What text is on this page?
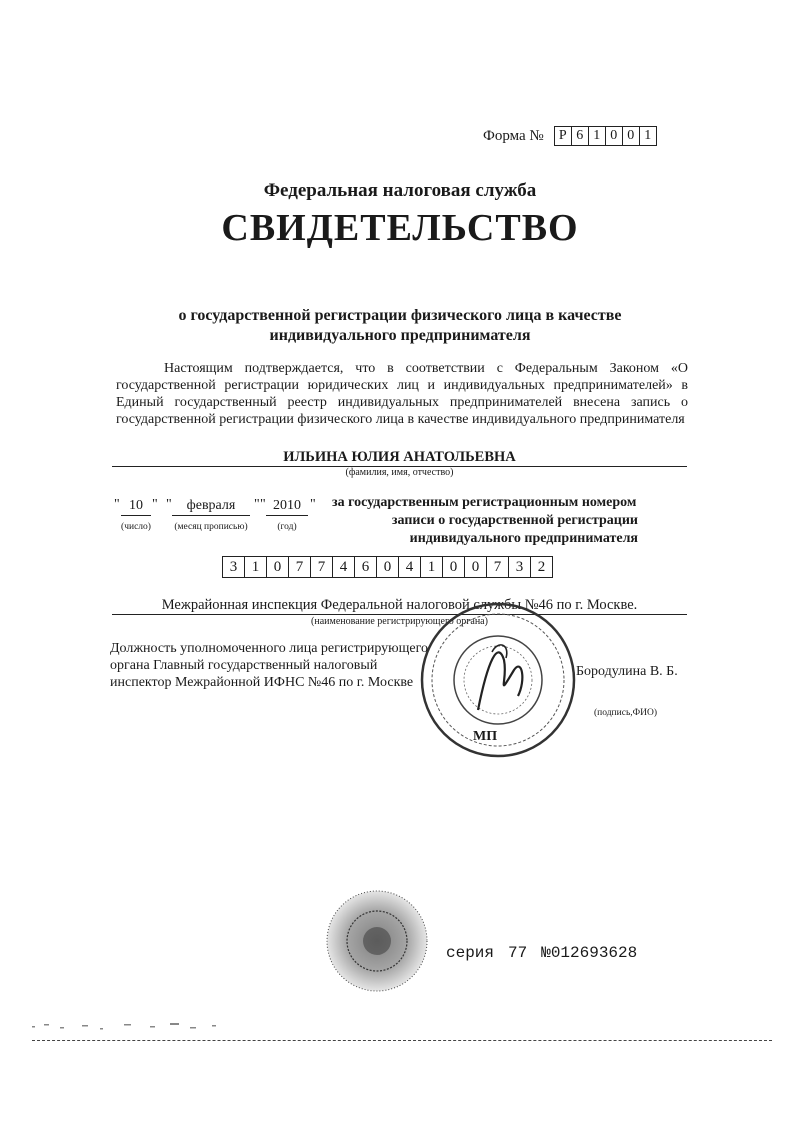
Форма № Р 6 1 0 0 1
Федеральная налоговая служба
СВИДЕТЕЛЬСТВО
о государственной регистрации физического лица в качестве
индивидуального предпринимателя
Настоящим подтверждается, что в соответствии с Федеральным Законом «О государственной регистрации юридических лиц и индивидуальных предпринимателей» в Единый государственный реестр индивидуальных предпринимателей внесена запись о государственной регистрации физического лица в качестве индивидуального предпринимателя
ИЛЬИНА ЮЛИЯ АНАТОЛЬЕВНА
(фамилия, имя, отчество)
" 10
(число)
" "	февраля
(месяц прописью)
" " 2010
(год)
" за государственным регистрационным номером
записи о государственной регистрации
индивидуального предпринимателя
3 1 0 7 7 4 6 0 4 1 0 0 7 3 2
Межрайонная инспекция Федеральной налоговой службы №46 по г. Москве.
(наименование регистрирующего органа)
Должность уполномоченного лица регистрирующего органа Главный государственный налоговый инспектор Межрайонной ИФНС №46 по г. Москве
Бородулина В. Б.
(подпись,ФИО)
МП
серия 77 №012693628
